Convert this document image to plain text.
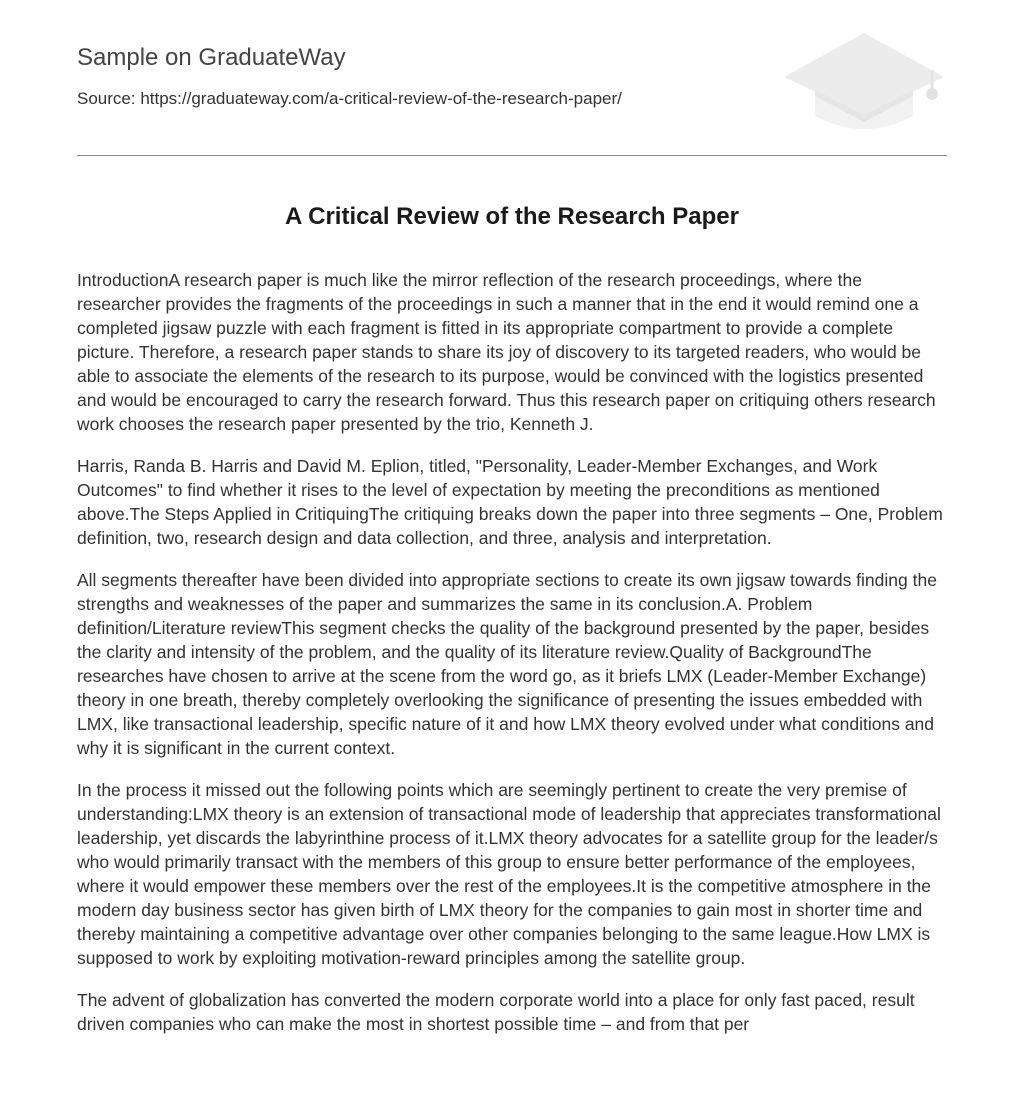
Sample on GraduateWay
Source: https://graduateway.com/a-critical-review-of-the-research-paper/
A Critical Review of the Research Paper

IntroductionA research paper is much like the mirror reflection of the research proceedings, where the researcher provides the fragments of the proceedings in such a manner that in the end it would remind one a completed jigsaw puzzle with each fragment is fitted in its appropriate compartment to provide a complete picture. Therefore, a research paper stands to share its joy of discovery to its targeted readers, who would be able to associate the elements of the research to its purpose, would be convinced with the logistics presented and would be encouraged to carry the research forward. Thus this research paper on critiquing others research work chooses the research paper presented by the trio, Kenneth J.

Harris, Randa B. Harris and David M. Eplion, titled, "Personality, Leader-Member Exchanges, and Work Outcomes" to find whether it rises to the level of expectation by meeting the preconditions as mentioned above.The Steps Applied in CritiquingThe critiquing breaks down the paper into three segments – One, Problem definition, two, research design and data collection, and three, analysis and interpretation.

All segments thereafter have been divided into appropriate sections to create its own jigsaw towards finding the strengths and weaknesses of the paper and summarizes the same in its conclusion.A. Problem definition/Literature reviewThis segment checks the quality of the background presented by the paper, besides the clarity and intensity of the problem, and the quality of its literature review.Quality of BackgroundThe researches have chosen to arrive at the scene from the word go, as it briefs LMX (Leader-Member Exchange) theory in one breath, thereby completely overlooking the significance of presenting the issues embedded with LMX, like transactional leadership, specific nature of it and how LMX theory evolved under what conditions and why it is significant in the current context.

In the process it missed out the following points which are seemingly pertinent to create the very premise of understanding:LMX theory is an extension of transactional mode of leadership that appreciates transformational leadership, yet discards the labyrinthine process of it.LMX theory advocates for a satellite group for the leader/s who would primarily transact with the members of this group to ensure better performance of the employees, where it would empower these members over the rest of the employees.It is the competitive atmosphere in the modern day business sector has given birth of LMX theory for the companies to gain most in shorter time and thereby maintaining a competitive advantage over other companies belonging to the same league.How LMX is supposed to work by exploiting motivation-reward principles among the satellite group.

The advent of globalization has converted the modern corporate world into a place for only fast paced, result driven companies who can make the most in shortest possible time – and from that per
